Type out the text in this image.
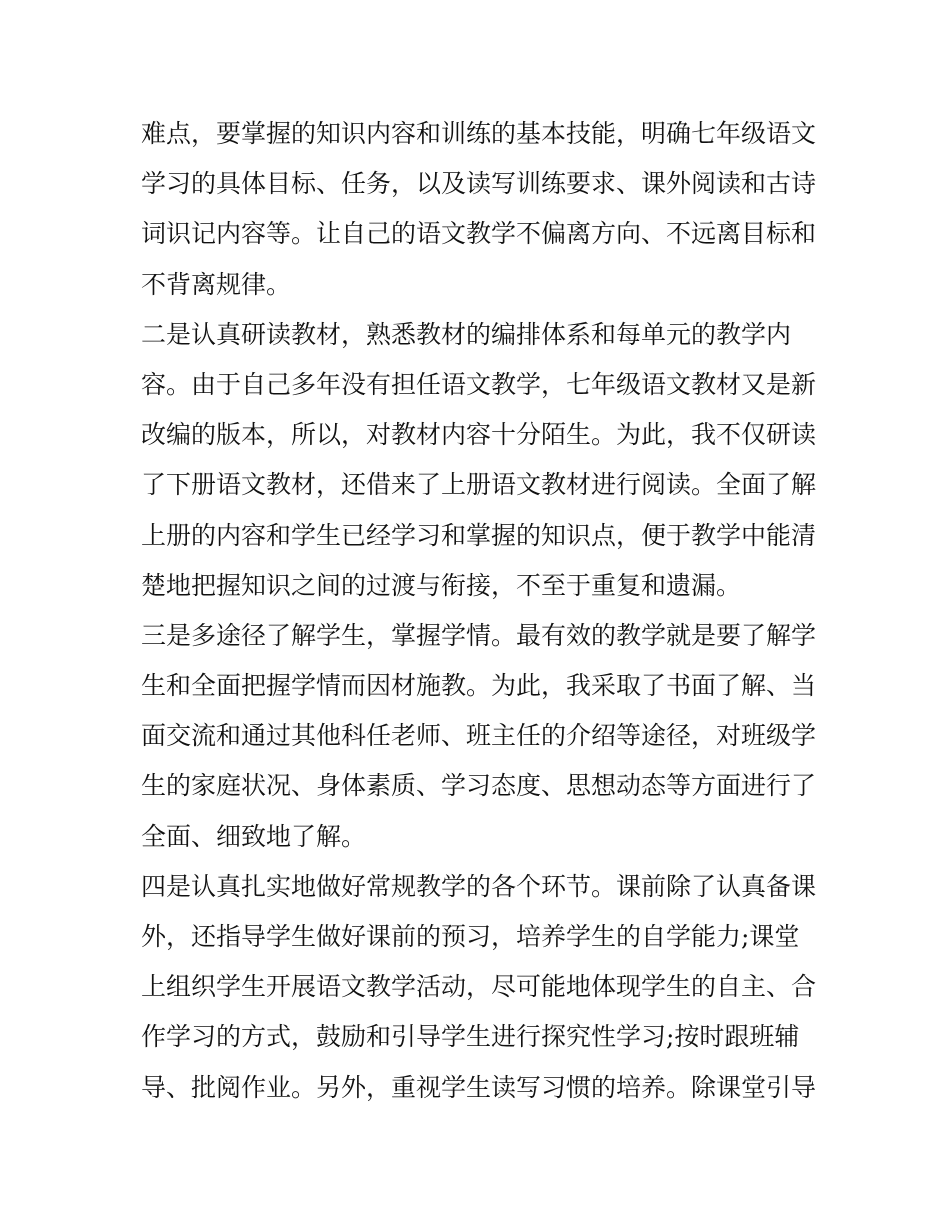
难点，要掌握的知识内容和训练的基本技能，明确七年级语文
学习的具体目标、任务，以及读写训练要求、课外阅读和古诗
词识记内容等。让自己的语文教学不偏离方向、不远离目标和
不背离规律。
二是认真研读教材，熟悉教材的编排体系和每单元的教学内
容。由于自己多年没有担任语文教学，七年级语文教材又是新
改编的版本，所以，对教材内容十分陌生。为此，我不仅研读
了下册语文教材，还借来了上册语文教材进行阅读。全面了解
上册的内容和学生已经学习和掌握的知识点，便于教学中能清
楚地把握知识之间的过渡与衔接，不至于重复和遗漏。
三是多途径了解学生，掌握学情。最有效的教学就是要了解学
生和全面把握学情而因材施教。为此，我采取了书面了解、当
面交流和通过其他科任老师、班主任的介绍等途径，对班级学
生的家庭状况、身体素质、学习态度、思想动态等方面进行了
全面、细致地了解。
四是认真扎实地做好常规教学的各个环节。课前除了认真备课
外，还指导学生做好课前的预习，培养学生的自学能力;课堂
上组织学生开展语文教学活动，尽可能地体现学生的自主、合
作学习的方式，鼓励和引导学生进行探究性学习;按时跟班辅
导、批阅作业。另外，重视学生读写习惯的培养。除课堂引导
